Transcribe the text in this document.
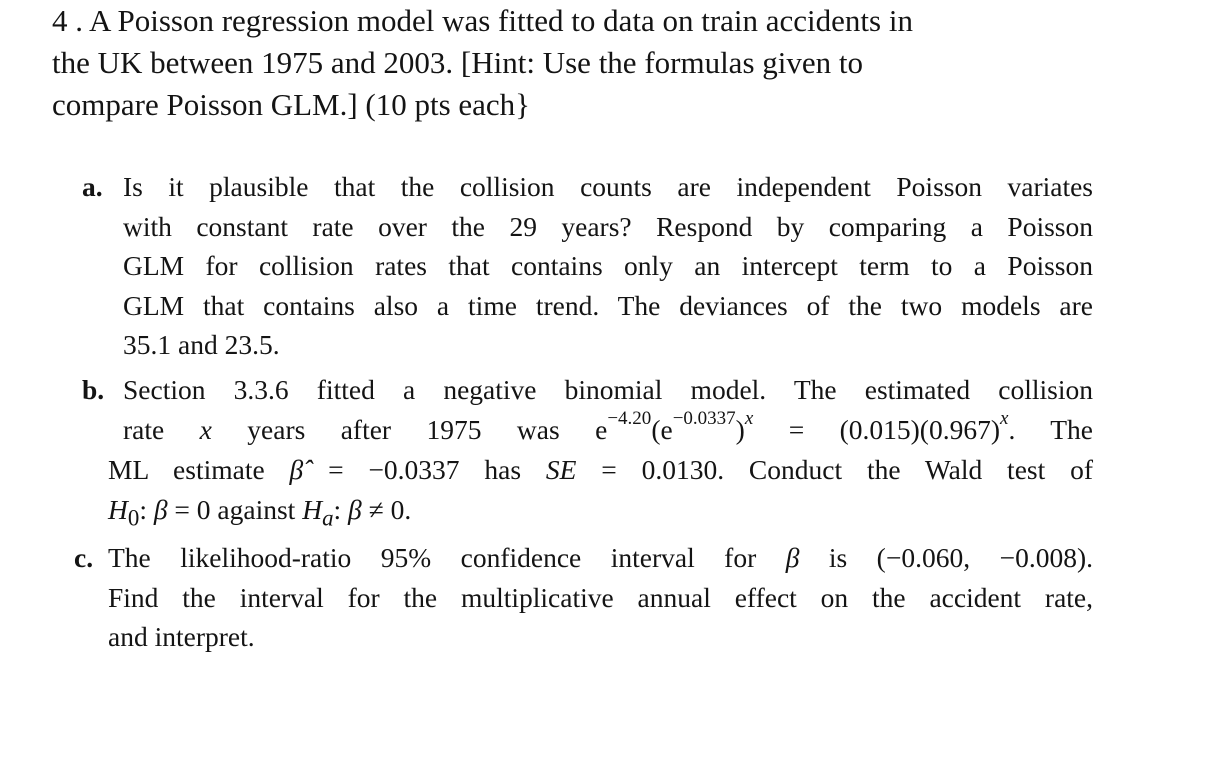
4 . A Poisson regression model was fitted to data on train accidents in
the UK between 1975 and 2003. [Hint: Use the formulas given to
compare Poisson GLM.] (10 pts each}
a. Is it plausible that the collision counts are independent Poisson variates
with constant rate over the 29 years? Respond by comparing a Poisson
GLM for collision rates that contains only an intercept term to a Poisson
GLM that contains also a time trend. The deviances of the two models are
35.1 and 23.5.
b. Section 3.3.6 fitted a negative binomial model. The estimated collision
rate x years after 1975 was $e^{-4.20}(e^{-0.0337})^x = (0.015)(0.967)^x$. The
ML estimate β̂ = −0.0337 has SE = 0.0130. Conduct the Wald test of
$H_0$: β = 0 against $H_a$: β ≠ 0.
c. The likelihood-ratio 95% confidence interval for β is (−0.060, −0.008).
Find the interval for the multiplicative annual effect on the accident rate,
and interpret.
